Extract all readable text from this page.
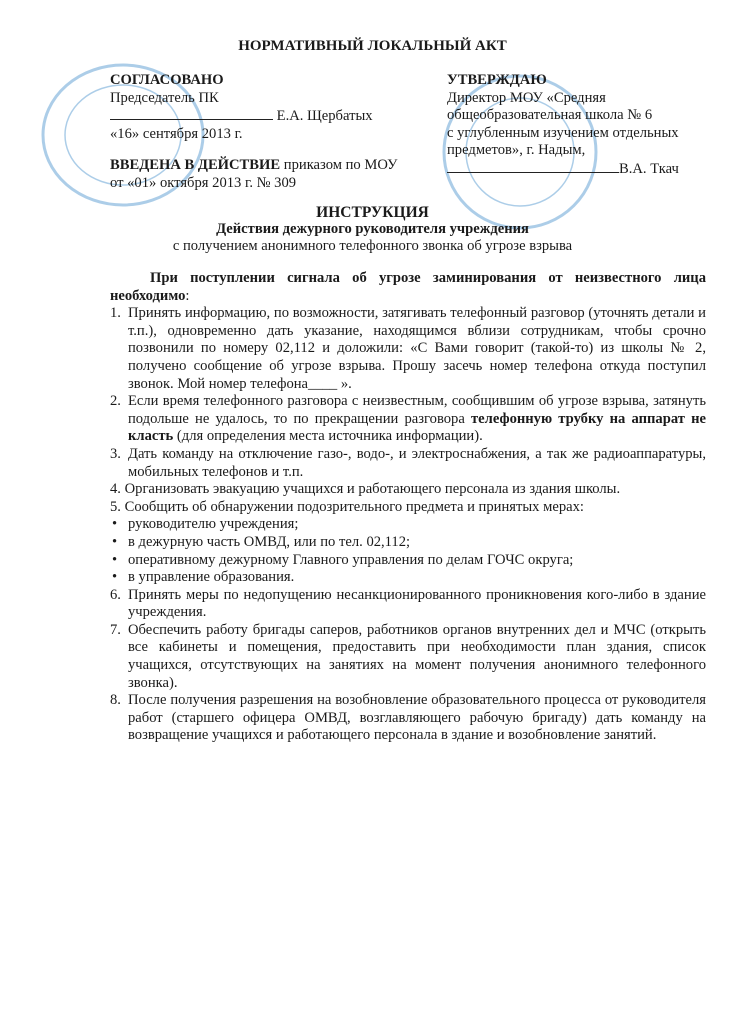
НОРМАТИВНЫЙ ЛОКАЛЬНЫЙ АКТ
СОГЛАСОВАНО
Председатель ПК
Е.А. Щербатых
«16» сентября 2013 г.
ВВЕДЕНА В ДЕЙСТВИЕ приказом по МОУ
от «01» октября 2013 г. № 309
УТВЕРЖДАЮ
Директор МОУ «Средняя
общеобразовательная школа № 6
с углубленным изучением отдельных
предметов», г. Надым,
В.А. Ткач
ИНСТРУКЦИЯ
Действия дежурного руководителя учреждения
с получением анонимного телефонного звонка об угрозе взрыва

При поступлении сигнала об угрозе заминирования от неизвестного лица необходимо:

1. Принять информацию, по возможности, затягивать телефонный разговор (уточнять детали и т.п.), одновременно дать указание, находящимся вблизи сотрудникам, чтобы срочно позвонили по номеру 02,112 и доложили: «С Вами говорит (такой-то) из школы № 2, получено сообщение об угрозе взрыва. Прошу засечь номер телефона откуда поступил звонок. Мой номер телефона____ ».
2. Если время телефонного разговора с неизвестным, сообщившим об угрозе взрыва, затянуть подольше не удалось, то по прекращении разговора телефонную трубку на аппарат не класть (для определения места источника информации).
3. Дать команду на отключение газо-, водо-, и электроснабжения, а так же радиоаппаратуры, мобильных телефонов и т.п.
4. Организовать эвакуацию учащихся и работающего персонала из здания школы.
5. Сообщить об обнаружении подозрительного предмета и принятых мерах:
• руководителю учреждения;
• в дежурную часть ОМВД, или по тел. 02,112;
• оперативному дежурному Главного управления по делам ГОЧС округа;
• в управление образования.
6. Принять меры по недопущению несанкционированного проникновения кого-либо в здание учреждения.
7. Обеспечить работу бригады саперов, работников органов внутренних дел и МЧС (открыть все кабинеты и помещения, предоставить при необходимости план здания, список учащихся, отсутствующих на занятиях на момент получения анонимного телефонного звонка).
8. После получения разрешения на возобновление образовательного процесса от руководителя работ (старшего офицера ОМВД, возглавляющего рабочую бригаду) дать команду на возвращение учащихся и работающего персонала в здание и возобновление занятий.
